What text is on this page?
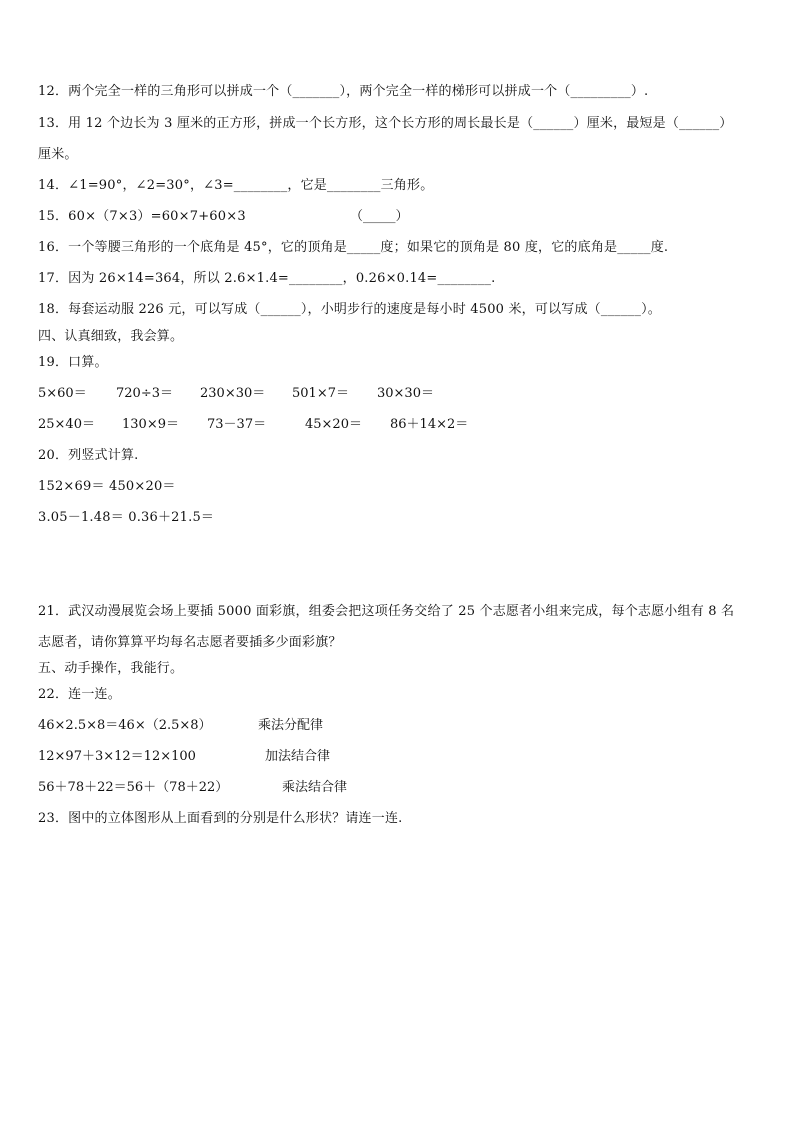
12．两个完全一样的三角形可以拼成一个（_______），两个完全一样的梯形可以拼成一个（_________）.
13．用 12 个边长为 3 厘米的正方形，拼成一个长方形，这个长方形的周长最长是（______）厘米，最短是（______）
厘米。
14．∠1=90°，∠2=30°，∠3=________，它是________三角形。
15．60×（7×3）=60×7+60×3	（_____）
16．一个等腰三角形的一个底角是 45°，它的顶角是_____度；如果它的顶角是 80 度，它的底角是_____度.
17．因为 26×14=364，所以 2.6×1.4=________，0.26×0.14=________.
18．每套运动服 226 元，可以写成（______），小明步行的速度是每小时 4500 米，可以写成（______）。
四、认真细致，我会算。
19．口算。
5×60＝ 720÷3＝ 230×30＝ 501×7＝ 30×30＝
25×40＝ 130×9＝ 73－37＝	45×20＝ 86＋14×2＝
20．列竖式计算.
152×69＝ 450×20＝
3.05－1.48＝ 0.36＋21.5＝
21．武汉动漫展览会场上要插 5000 面彩旗，组委会把这项任务交给了 25 个志愿者小组来完成，每个志愿小组有 8 名
志愿者，请你算算平均每名志愿者要插多少面彩旗？
五、动手操作，我能行。
22．连一连。
46×2.5×8＝46×（2.5×8）	乘法分配律
12×97＋3×12＝12×100	加法结合律
56＋78＋22＝56＋（78＋22）	乘法结合律
23．图中的立体图形从上面看到的分别是什么形状？请连一连.
